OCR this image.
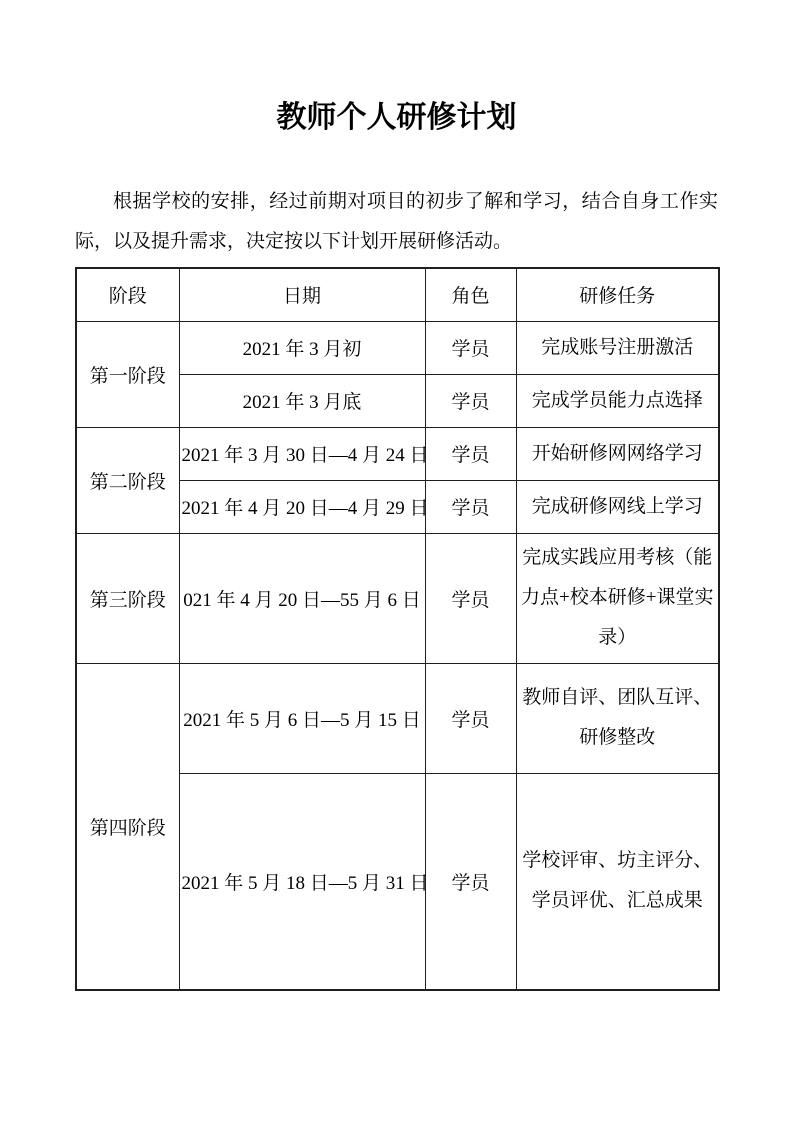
教师个人研修计划

根据学校的安排，经过前期对项目的初步了解和学习，结合自身工作实际，以及提升需求，决定按以下计划开展研修活动。

阶段	日期	角色	研修任务
第一阶段	2021 年 3 月初	学员	完成账号注册激活
	2021 年 3 月底	学员	完成学员能力点选择
第二阶段	2021 年 3 月 30 日—4 月 24 日	学员	开始研修网网络学习
	2021 年 4 月 20 日—4 月 29 日	学员	完成研修网线上学习
第三阶段	021 年 4 月 20 日—55 月 6 日	学员	完成实践应用考核（能力点+校本研修+课堂实录）
第四阶段	2021 年 5 月 6 日—5 月 15 日	学员	教师自评、团队互评、研修整改
	2021 年 5 月 18 日—5 月 31 日	学员	学校评审、坊主评分、学员评优、汇总成果
